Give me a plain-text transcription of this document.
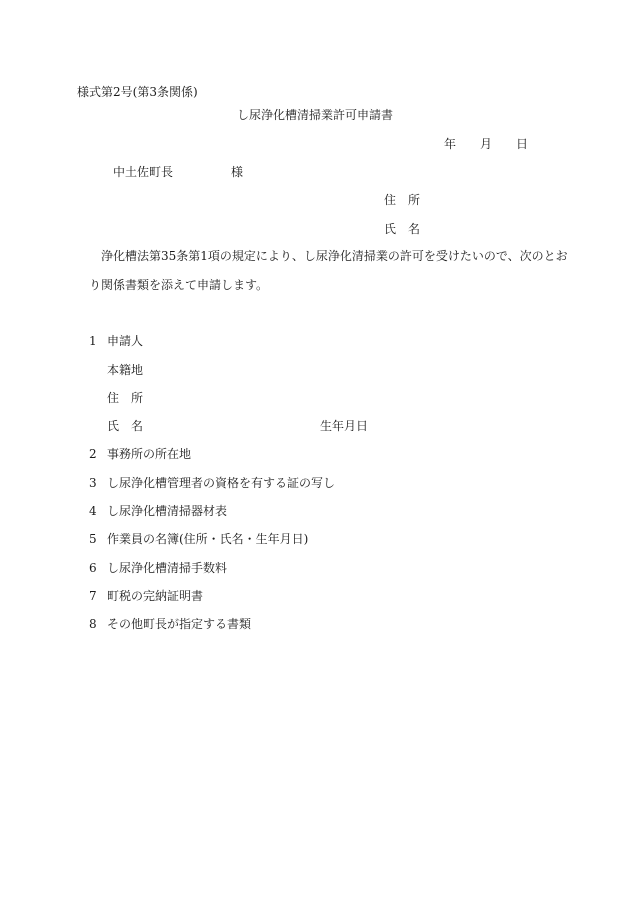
様式第2号(第3条関係)
し尿浄化槽清掃業許可申請書
年 月 日
中土佐町長	様
住　所
氏　名
浄化槽法第35条第1項の規定により、し尿浄化清掃業の許可を受けたいので、次のとお
り関係書類を添えて申請します。
1 申請人
本籍地
住　所
氏　名	生年月日
2 事務所の所在地
3 し尿浄化槽管理者の資格を有する証の写し
4 し尿浄化槽清掃器材表
5 作業員の名簿(住所・氏名・生年月日)
6 し尿浄化槽清掃手数料
7 町税の完納証明書
8 その他町長が指定する書類
